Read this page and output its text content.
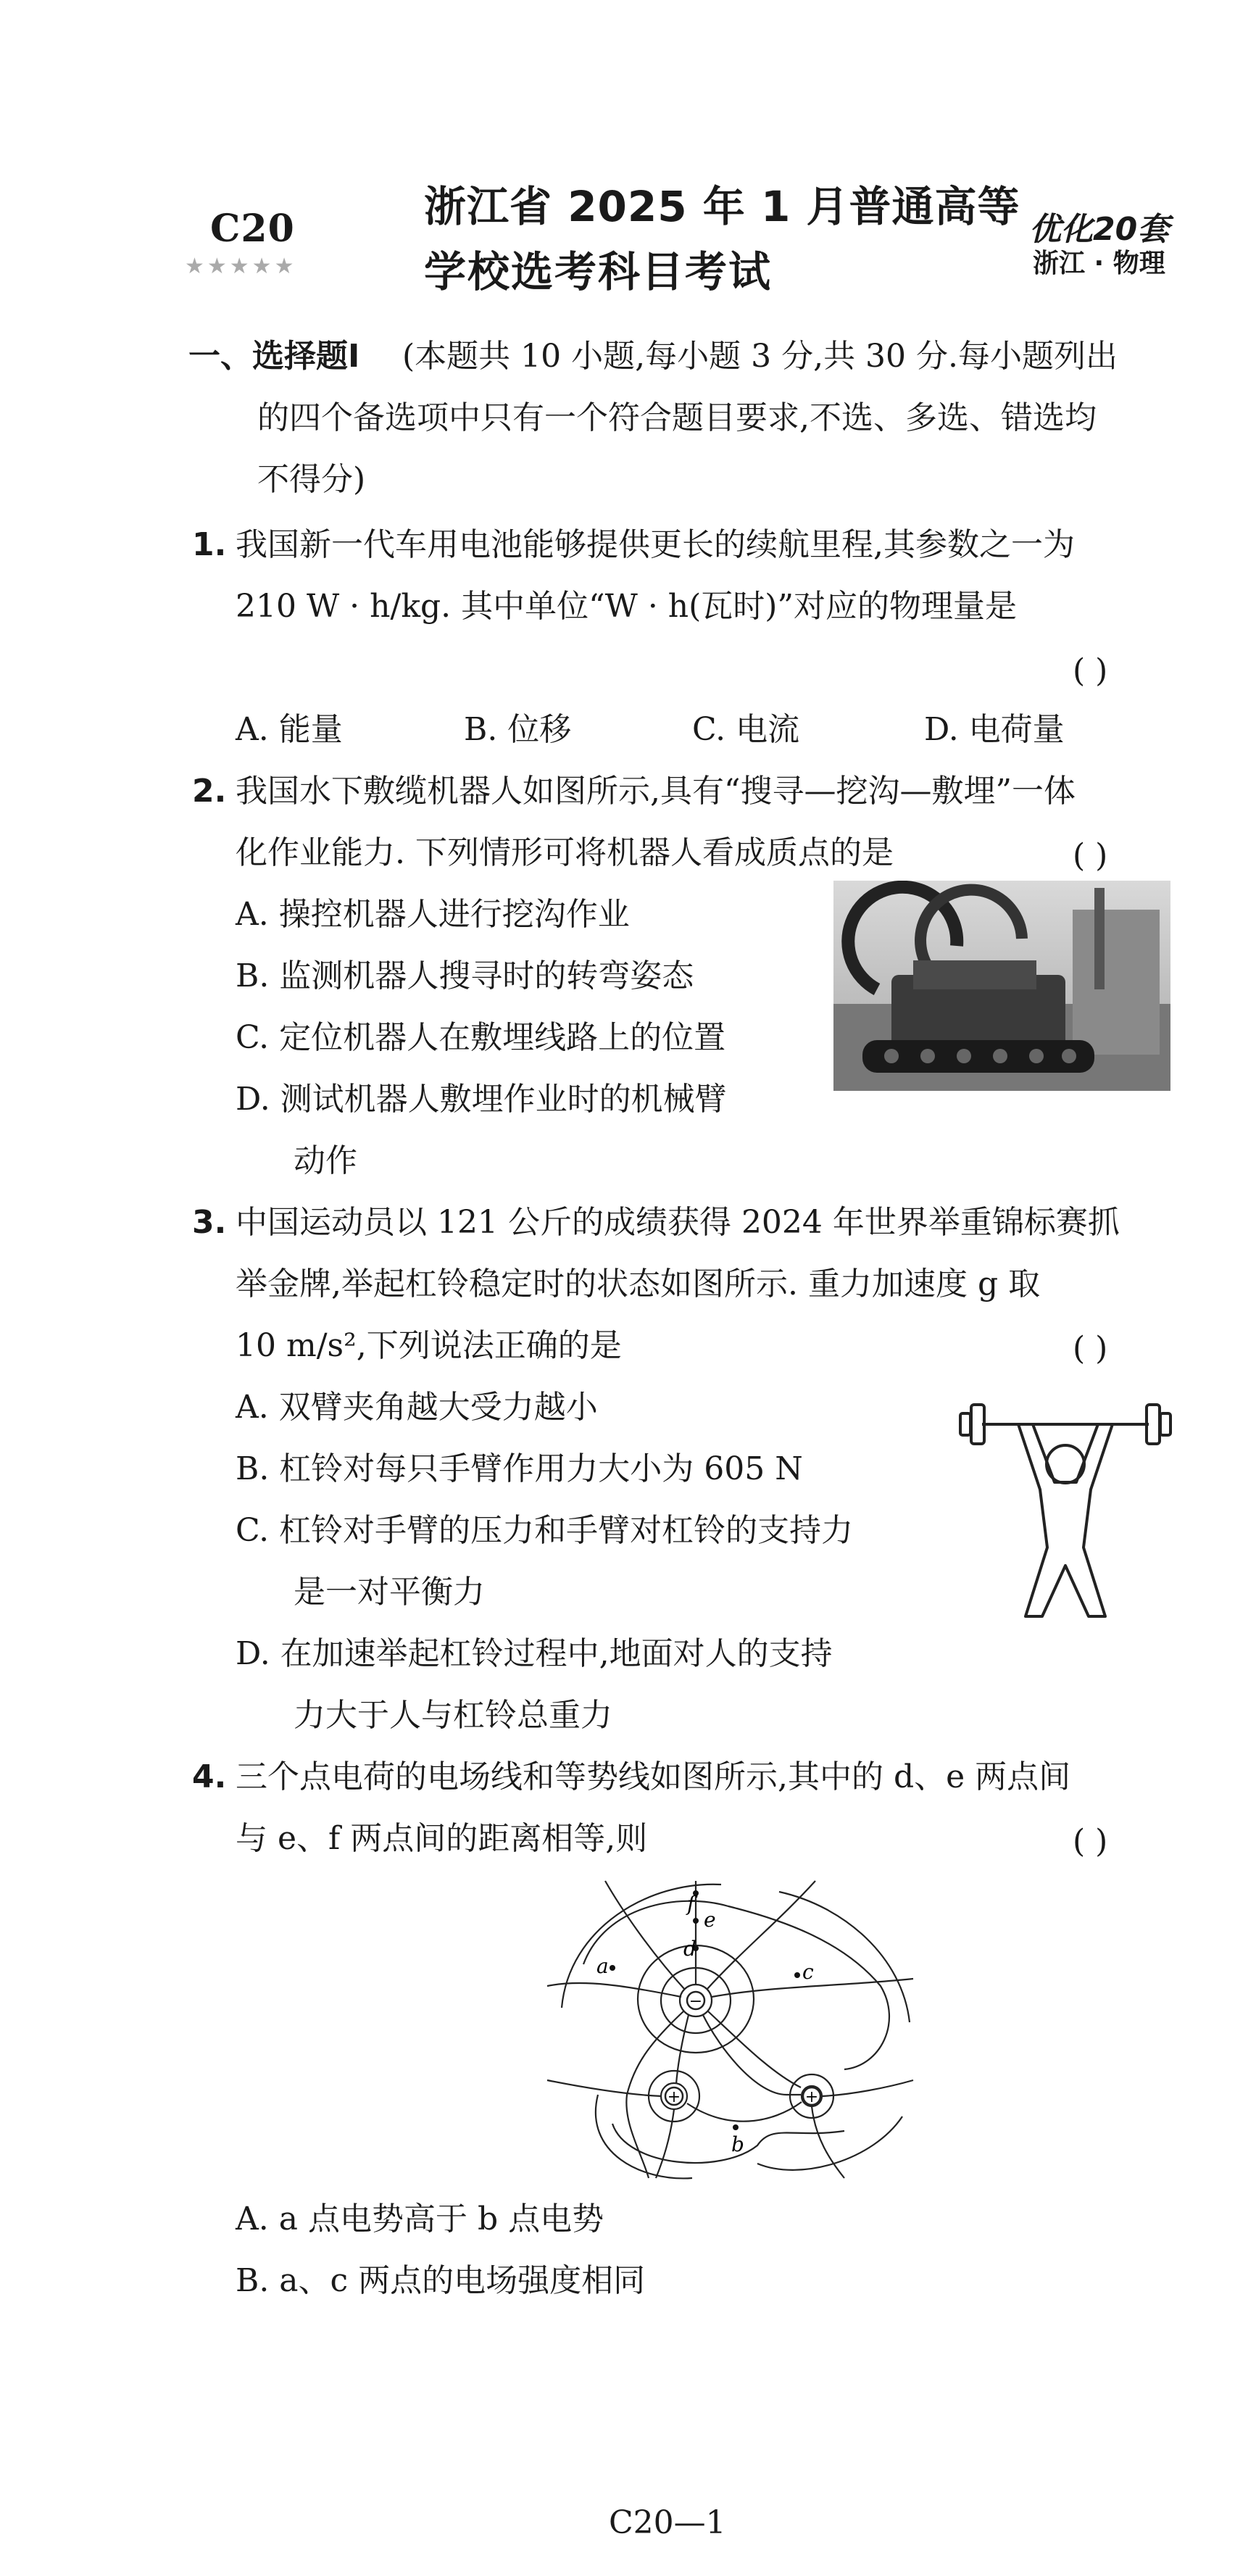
C20
★★★★★
浙江省 2025 年 1 月普通高等
学校选考科目考试
优化20套
浙江 · 物理
一、选择题Ⅰ (本题共 10 小题,每小题 3 分,共 30 分.每小题列出
的四个备选项中只有一个符合题目要求,不选、多选、错选均
不得分)
1. 我国新一代车用电池能够提供更长的续航里程,其参数之一为
210 W · h/kg. 其中单位“W · h(瓦时)”对应的物理量是
( )
A. 能量	B. 位移	C. 电流	D. 电荷量
2. 我国水下敷缆机器人如图所示,具有“搜寻—挖沟—敷埋”一体
化作业能力. 下列情形可将机器人看成质点的是	( )
A. 操控机器人进行挖沟作业
B. 监测机器人搜寻时的转弯姿态
C. 定位机器人在敷埋线路上的位置
D. 测试机器人敷埋作业时的机械臂
动作
3. 中国运动员以 121 公斤的成绩获得 2024 年世界举重锦标赛抓
举金牌,举起杠铃稳定时的状态如图所示. 重力加速度 g 取
10 m/s²,下列说法正确的是	( )
A. 双臂夹角越大受力越小
B. 杠铃对每只手臂作用力大小为 605 N
C. 杠铃对手臂的压力和手臂对杠铃的支持力
是一对平衡力
D. 在加速举起杠铃过程中,地面对人的支持
力大于人与杠铃总重力
4. 三个点电荷的电场线和等势线如图所示,其中的 d、e 两点间
与 e、f 两点间的距离相等,则	( )
−
+	+
f
e
d
a	c
b
A. a 点电势高于 b 点电势
B. a、c 两点的电场强度相同
C20—1
